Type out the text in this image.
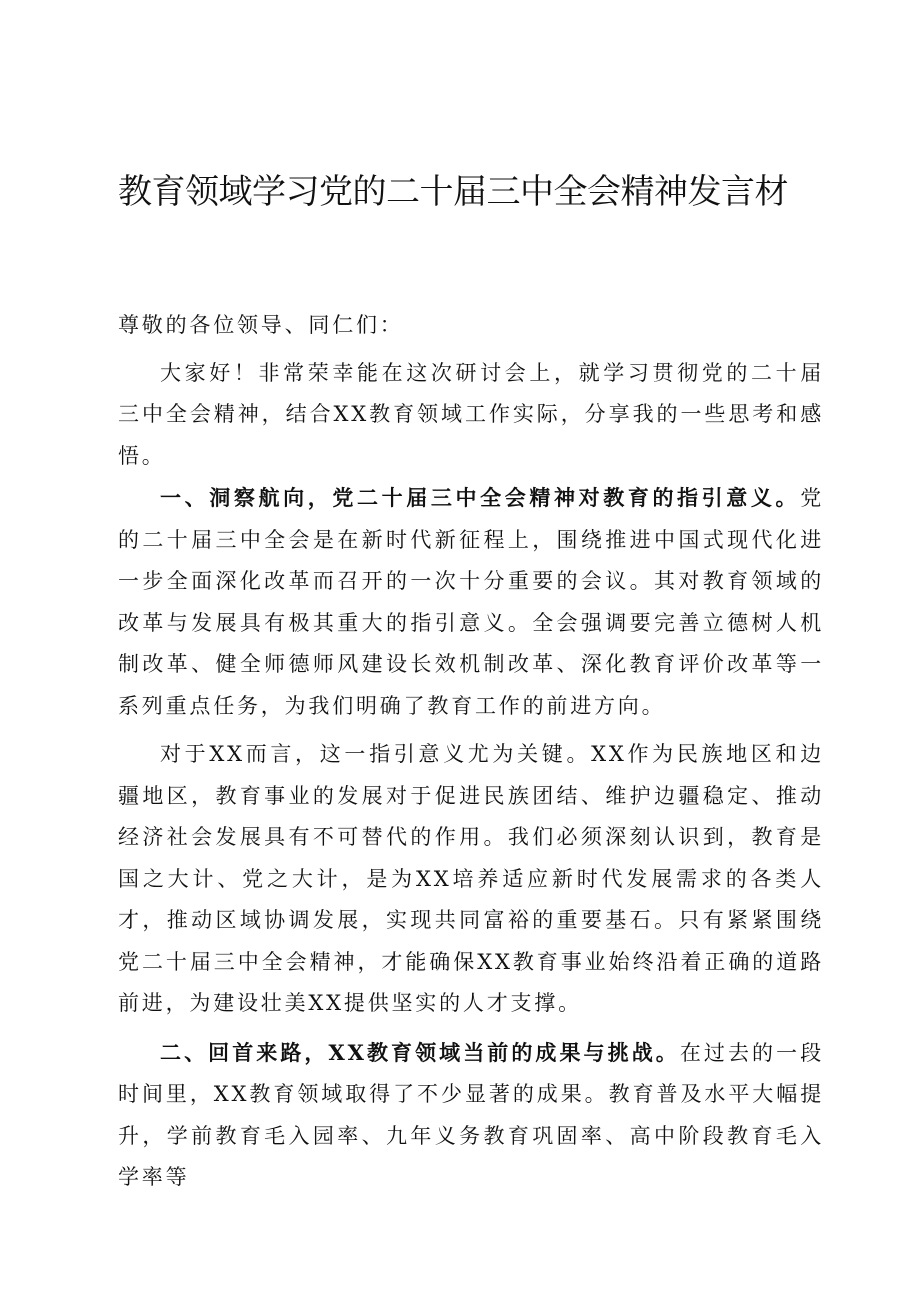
教育领域学习党的二十届三中全会精神发言材

尊敬的各位领导、同仁们：

大家好！非常荣幸能在这次研讨会上，就学习贯彻党的二十届三中全会精神，结合XX教育领域工作实际，分享我的一些思考和感悟。

一、洞察航向，党二十届三中全会精神对教育的指引意义。党的二十届三中全会是在新时代新征程上，围绕推进中国式现代化进一步全面深化改革而召开的一次十分重要的会议。其对教育领域的改革与发展具有极其重大的指引意义。全会强调要完善立德树人机制改革、健全师德师风建设长效机制改革、深化教育评价改革等一系列重点任务，为我们明确了教育工作的前进方向。

对于XX而言，这一指引意义尤为关键。XX作为民族地区和边疆地区，教育事业的发展对于促进民族团结、维护边疆稳定、推动经济社会发展具有不可替代的作用。我们必须深刻认识到，教育是国之大计、党之大计，是为XX培养适应新时代发展需求的各类人才，推动区域协调发展，实现共同富裕的重要基石。只有紧紧围绕党二十届三中全会精神，才能确保XX教育事业始终沿着正确的道路前进，为建设壮美XX提供坚实的人才支撑。

二、回首来路，XX教育领域当前的成果与挑战。在过去的一段时间里，XX教育领域取得了不少显著的成果。教育普及水平大幅提升，学前教育毛入园率、九年义务教育巩固率、高中阶段教育毛入学率等
